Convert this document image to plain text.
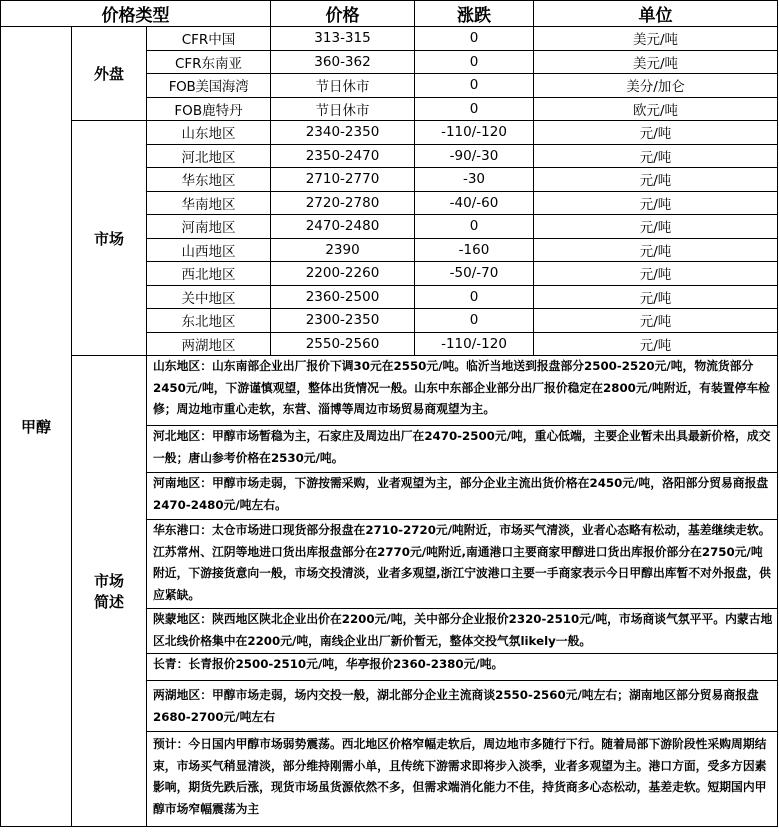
价格类型			价格	涨跌	单位
甲醇	外盘	CFR中国	313-315	0	美元/吨
		CFR东南亚	360-362	0	美元/吨
		FOB美国海湾	节日休市	0	美分/加仑
		FOB鹿特丹	节日休市	0	欧元/吨
	市场	山东地区	2340-2350	-110/-120	元/吨
		河北地区	2350-2470	-90/-30	元/吨
		华东地区	2710-2770	-30	元/吨
		华南地区	2720-2780	-40/-60	元/吨
		河南地区	2470-2480	0	元/吨
		山西地区	2390	-160	元/吨
		西北地区	2200-2260	-50/-70	元/吨
		关中地区	2360-2500	0	元/吨
		东北地区	2300-2350	0	元/吨
		两湖地区	2550-2560	-110/-120	元/吨

	市场
简述	山东地区：山东南部企业出厂报价下调30元在2550元/吨。临沂当地送到报盘部分2500-2520元/吨，物流货部分2450元/吨，下游谨慎观望，整体出货情况一般。山东中东部企业部分出厂报价稳定在2800元/吨附近，有装置停车检修；周边地市重心走软，东营、淄博等周边市场贸易商观望为主。			
		河北地区：甲醇市场暂稳为主，石家庄及周边出厂在2470-2500元/吨，重心低端，主要企业暂未出具最新价格，成交一般；唐山参考价格在2530元/吨。			
		河南地区：甲醇市场走弱，下游按需采购，业者观望为主，部分企业主流出货价格在2450元/吨，洛阳部分贸易商报盘2470-2480元/吨左右。			
		华东港口：太仓市场进口现货部分报盘在2710-2720元/吨附近，市场买气清淡，业者心态略有松动，基差继续走软。江苏常州、江阴等地进口货出库报盘部分在2770元/吨附近,南通港口主要商家甲醇进口货出库报价部分在2750元/吨附近，下游接货意向一般，市场交投清淡，业者多观望,浙江宁波港口主要一手商家表示今日甲醇出库暂不对外报盘，供应紧缺。			
		陕蒙地区：陕西地区陕北企业出价在2200元/吨，关中部分企业报价2320-2510元/吨，市场商谈气氛平平。内蒙古地区北线价格集中在2200元/吨，南线企业出厂新价暂无，整体交投气氛likely一般。			
		长青：长青报价2500-2510元/吨，华亭报价2360-2380元/吨。			
		两湖地区：甲醇市场走弱，场内交投一般，湖北部分企业主流商谈2550-2560元/吨左右；湖南地区部分贸易商报盘2680-2700元/吨左右			
		预计：今日国内甲醇市场弱势震荡。西北地区价格窄幅走软后，周边地市多随行下行。随着局部下游阶段性采购周期结束，市场买气稍显清淡，部分维持刚需小单，且传统下游需求即将步入淡季，业者多观望为主。港口方面，受多方因素影响，期货先跌后涨，现货市场虽货源依然不多，但需求端消化能力不佳，持货商多心态松动，基差走软。短期国内甲醇市场窄幅震荡为主			
